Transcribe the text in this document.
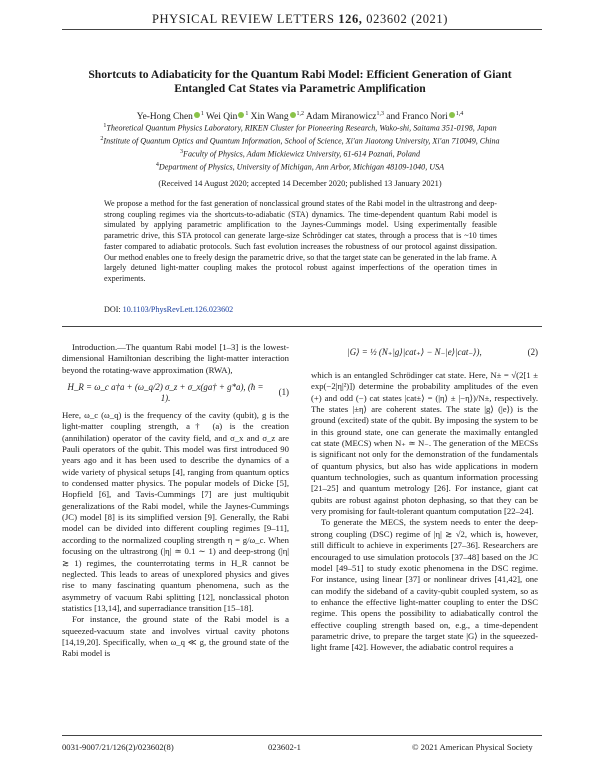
PHYSICAL REVIEW LETTERS 126, 023602 (2021)
Shortcuts to Adiabaticity for the Quantum Rabi Model: Efficient Generation of Giant
Entangled Cat States via Parametric Amplification
Ye-Hong Chen $^1$ Wei Qin $^1$ Xin Wang $^{1,2}$ Adam Miranowicz$^{1,3}$ and Franco Nori $^{1,4}$
$^1$Theoretical Quantum Physics Laboratory, RIKEN Cluster for Pioneering Research, Wako-shi, Saitama 351-0198, Japan
$^2$Institute of Quantum Optics and Quantum Information, School of Science, Xi'an Jiaotong University, Xi'an 710049, China
$^3$Faculty of Physics, Adam Mickiewicz University, 61-614 Poznań, Poland
$^4$Department of Physics, University of Michigan, Ann Arbor, Michigan 48109-1040, USA
(Received 14 August 2020; accepted 14 December 2020; published 13 January 2021)
We propose a method for the fast generation of nonclassical ground states of the Rabi model in the ultrastrong and deep-strong coupling regimes via the shortcuts-to-adiabatic (STA) dynamics. The time-dependent quantum Rabi model is simulated by applying parametric amplification to the Jaynes-Cummings model. Using experimentally feasible parametric drive, this STA protocol can generate large-size Schrödinger cat states, through a process that is ~10 times faster compared to adiabatic protocols. Such fast evolution increases the robustness of our protocol against dissipation. Our method enables one to freely design the parametric drive, so that the target state can be generated in the lab frame. A largely detuned light-matter coupling makes the protocol robust against imperfections of the operation times in experiments.
DOI: 10.1103/PhysRevLett.126.023602

Introduction.—The quantum Rabi model [1–3] is the lowest-dimensional Hamiltonian describing the light-matter interaction beyond the rotating-wave approximation (RWA),

H_R = ω_c a†a + (ω_q/2) σ_z + σ_x(ga† + g*a), (ħ = 1).
(1)

Here, ω_c (ω_q) is the frequency of the cavity (qubit), g is the light-matter coupling strength, a† (a) is the creation (annihilation) operator of the cavity field, and σ_x and σ_z are Pauli operators of the qubit. This model was first introduced 90 years ago and it has been used to describe the dynamics of a wide variety of physical setups [4], ranging from quantum optics to condensed matter physics. The popular models of Dicke [5], Hopfield [6], and Tavis-Cummings [7] are just multiqubit generalizations of the Rabi model, while the Jaynes-Cummings (JC) model [8] is its simplified version [9]. Generally, the Rabi model can be divided into different coupling regimes [9–11], according to the normalized coupling strength η = g/ω_c. When focusing on the ultrastrong (|η| ≃ 0.1 ∼ 1) and deep-strong (|η| ≳ 1) regimes, the counterrotating terms in H_R cannot be neglected. This leads to areas of unexplored physics and gives rise to many fascinating quantum phenomena, such as the asymmetry of vacuum Rabi splitting [12], nonclassical photon statistics [13,14], and superradiance transition [15–18].

For instance, the ground state of the Rabi model is a squeezed-vacuum state and involves virtual cavity photons [14,19,20]. Specifically, when ω_q ≪ g, the ground state of the Rabi model is

|G⟩ = ½ (N₊|g⟩|cat₊⟩ − N₋|e⟩|cat₋⟩),	(2)

which is an entangled Schrödinger cat state. Here, N± = √(2[1 ± exp(−2|η|²)]) determine the probability amplitudes of the even (+) and odd (−) cat states |cat±⟩ = (|η⟩ ± |−η⟩)/N±, respectively. The states |±η⟩ are coherent states. The state |g⟩ (|e⟩) is the ground (excited) state of the qubit. By imposing the system to be in this ground state, one can generate the maximally entangled cat state (MECS) when N₊ ≃ N₋. The generation of the MECSs is significant not only for the demonstration of the fundamentals of quantum physics, but also has wide applications in modern quantum technologies, such as quantum information processing [21–25] and quantum metrology [26]. For instance, giant cat qubits are robust against photon dephasing, so that they can be very promising for fault-tolerant quantum computation [22–24].

To generate the MECS, the system needs to enter the deep-strong coupling (DSC) regime of |η| ≳ √2, which is, however, still difficult to achieve in experiments [27–36]. Researchers are encouraged to use simulation protocols [37–48] based on the JC model [49–51] to study exotic phenomena in the DSC regime. For instance, using linear [37] or nonlinear drives [41,42], one can modify the sideband of a cavity-qubit coupled system, so as to enhance the effective light-matter coupling to enter the DSC regime. This opens the possibility to adiabatically control the effective coupling strength based on, e.g., a time-dependent parametric drive, to prepare the target state |G⟩ in the squeezed-light frame [42]. However, the adiabatic control requires a

0031-9007/21/126(2)/023602(8)	023602-1	© 2021 American Physical Society
